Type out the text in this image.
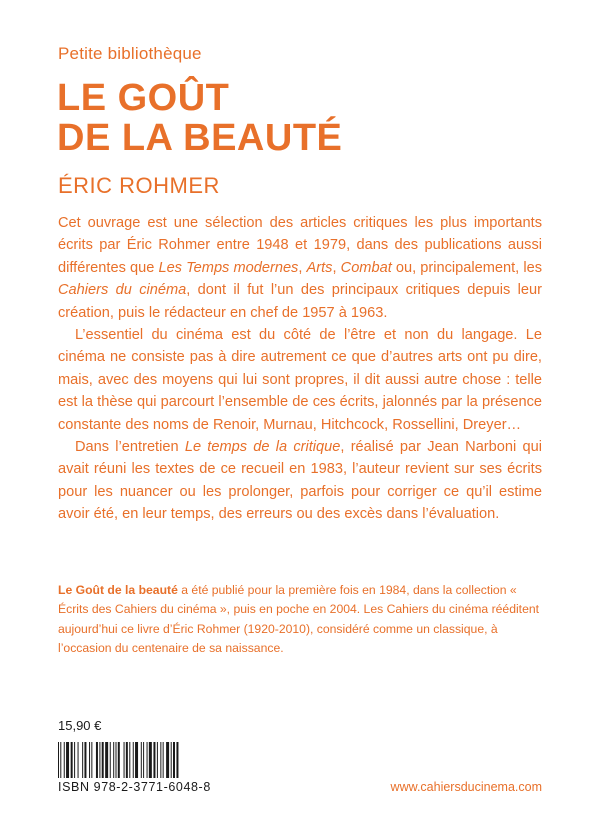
Petite bibliothèque
LE GOÛT
DE LA BEAUTÉ
ÉRIC ROHMER

Cet ouvrage est une sélection des articles critiques les plus importants écrits par Éric Rohmer entre 1948 et 1979, dans des publications aussi différentes que Les Temps modernes, Arts, Combat ou, principalement, les Cahiers du cinéma, dont il fut l’un des principaux critiques depuis leur création, puis le rédacteur en chef de 1957 à 1963.

L’essentiel du cinéma est du côté de l’être et non du langage. Le cinéma ne consiste pas à dire autrement ce que d’autres arts ont pu dire, mais, avec des moyens qui lui sont propres, il dit aussi autre chose : telle est la thèse qui parcourt l’ensemble de ces écrits, jalonnés par la présence constante des noms de Renoir, Murnau, Hitchcock, Rossellini, Dreyer…

Dans l’entretien Le temps de la critique, réalisé par Jean Narboni qui avait réuni les textes de ce recueil en 1983, l’auteur revient sur ses écrits pour les nuancer ou les prolonger, parfois pour corriger ce qu’il estime avoir été, en leur temps, des erreurs ou des excès dans l’évaluation.

Le Goût de la beauté a été publié pour la première fois en 1984, dans la collection « Écrits des Cahiers du cinéma », puis en poche en 2004. Les Cahiers du cinéma rééditent aujourd’hui ce livre d’Éric Rohmer (1920-2010), considéré comme un classique, à l’occasion du centenaire de sa naissance.

15,90 €
ISBN 978-2-3771-6048-8	www.cahiersducinema.com
